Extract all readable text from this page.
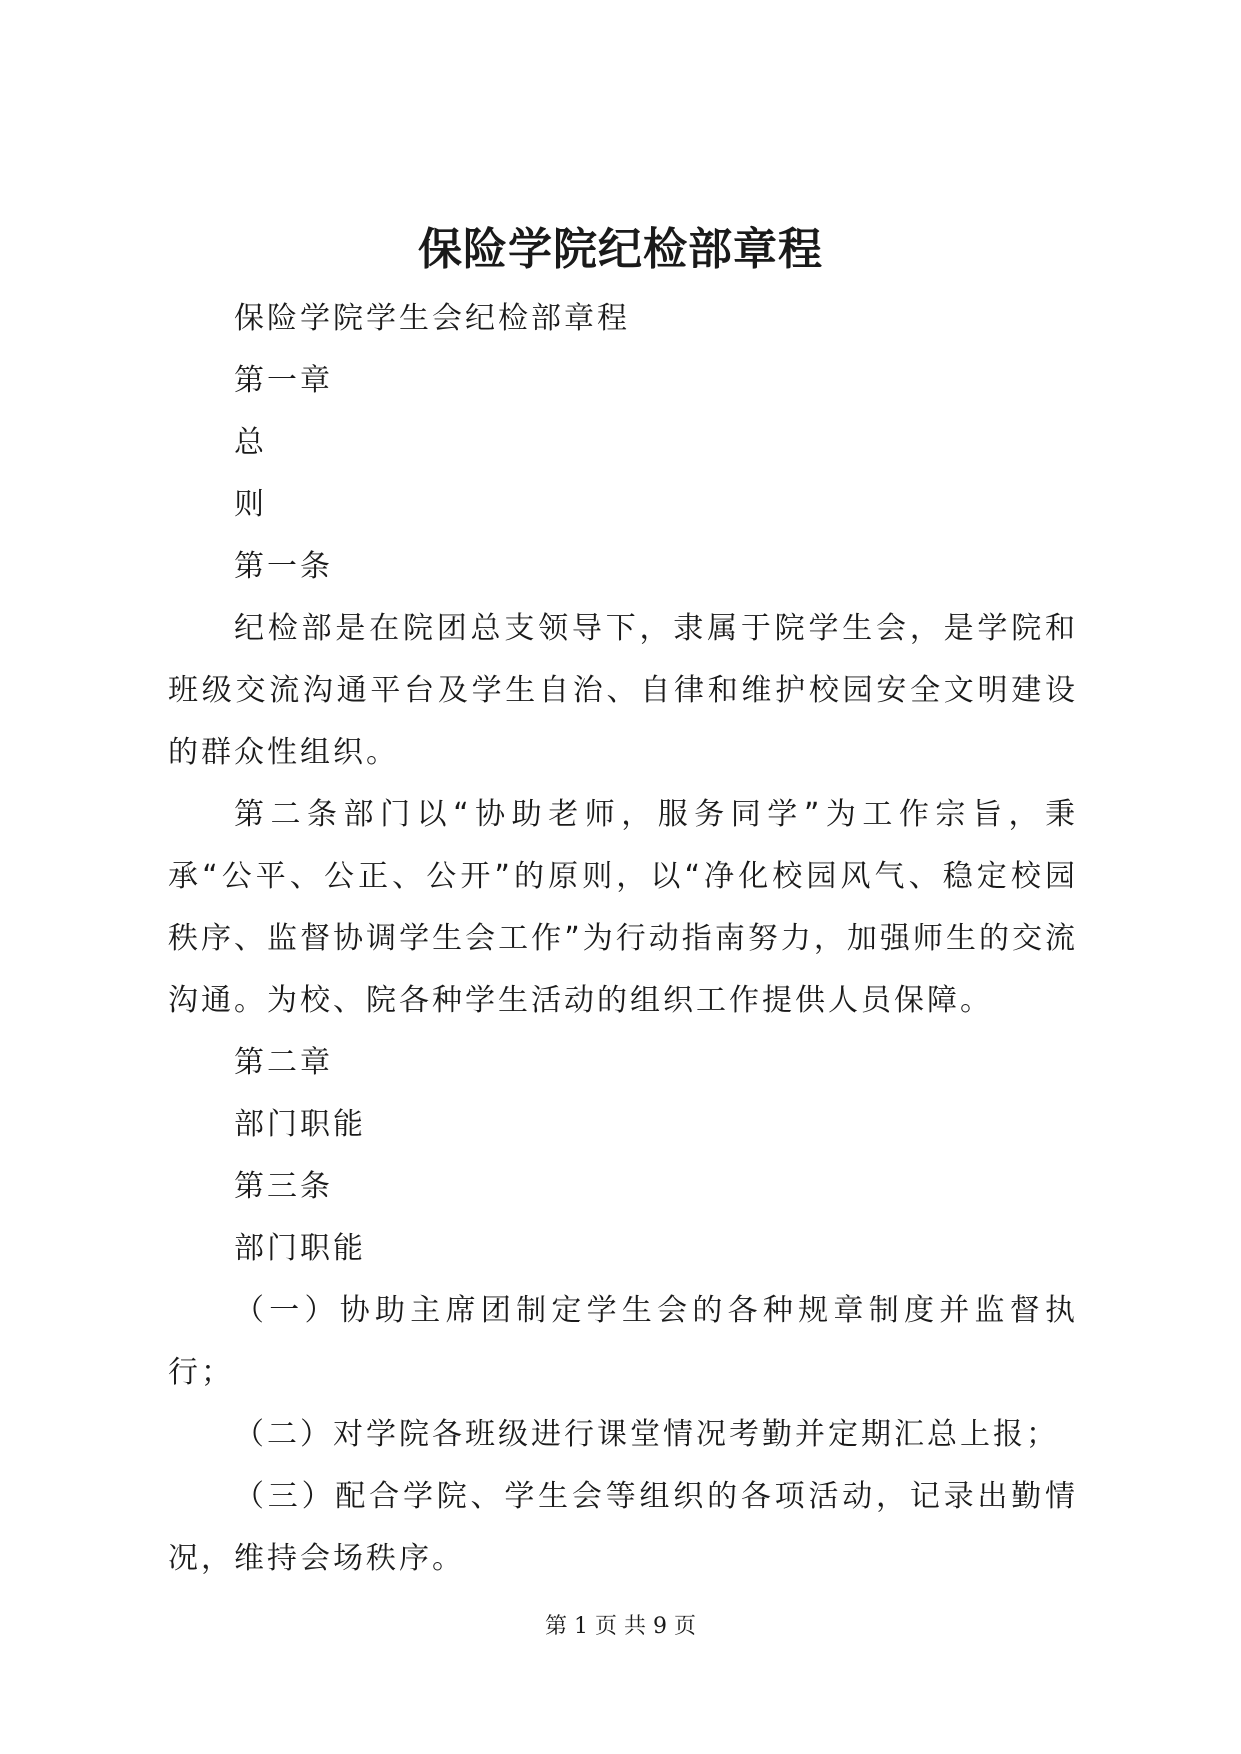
保险学院纪检部章程

保险学院学生会纪检部章程

第一章

总

则

第一条

纪检部是在院团总支领导下，隶属于院学生会，是学院和班级交流沟通平台及学生自治、自律和维护校园安全文明建设的群众性组织。

第二条部门以“协助老师，服务同学”为工作宗旨，秉承“公平、公正、公开”的原则，以“净化校园风气、稳定校园秩序、监督协调学生会工作”为行动指南努力，加强师生的交流沟通。为校、院各种学生活动的组织工作提供人员保障。

第二章

部门职能

第三条

部门职能

（一）协助主席团制定学生会的各种规章制度并监督执行；

（二）对学院各班级进行课堂情况考勤并定期汇总上报；

（三）配合学院、学生会等组织的各项活动，记录出勤情况，维持会场秩序。

第 1 页 共 9 页
